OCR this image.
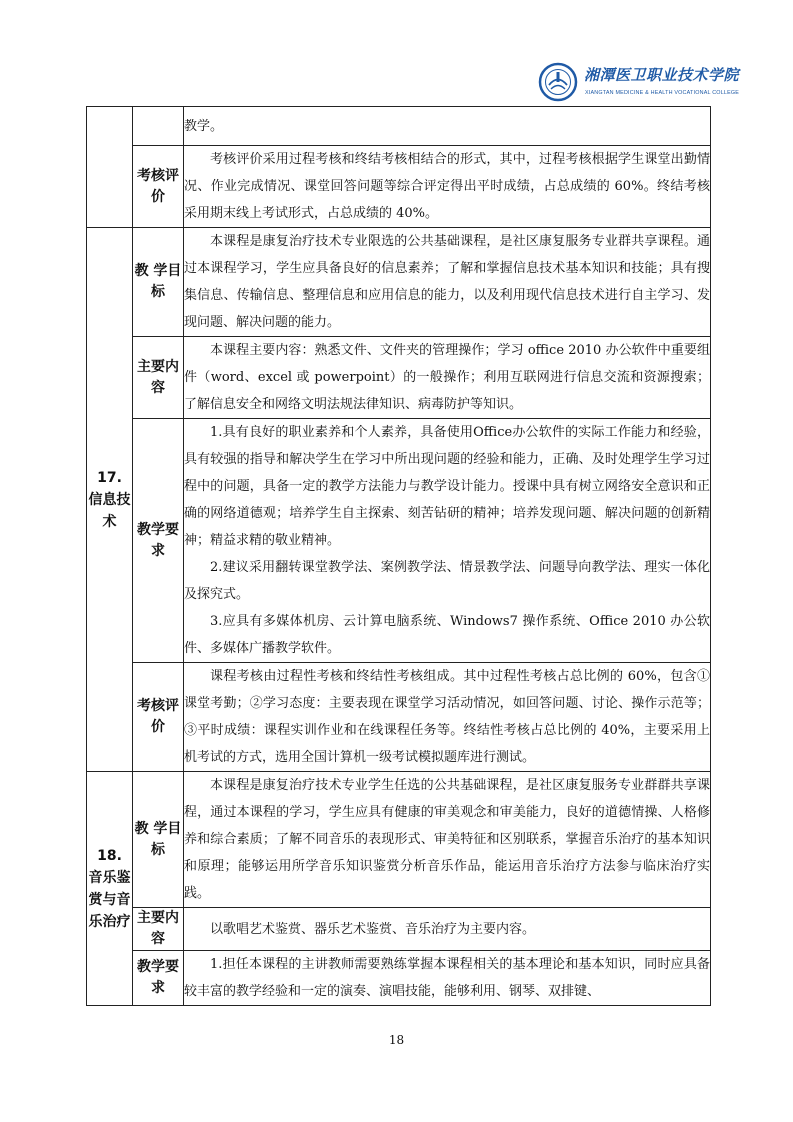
湘潭医卫职业技术学院
XIANGTAN MEDICINE & HEALTH VOCATIONAL COLLEGE

		教学。

	考核评价	考核评价采用过程考核和终结考核相结合的形式，其中，过程考核根据学生课堂出勤情况、作业完成情况、课堂回答问题等综合评定得出平时成绩，占总成绩的 60%。终结考核采用期末线上考试形式，占总成绩的 40%。

17.
信息技术	教 学目标	本课程是康复治疗技术专业限选的公共基础课程，是社区康复服务专业群共享课程。通过本课程学习，学生应具备良好的信息素养；了解和掌握信息技术基本知识和技能；具有搜集信息、传输信息、整理信息和应用信息的能力，以及利用现代信息技术进行自主学习、发现问题、解决问题的能力。

	主要内容	本课程主要内容：熟悉文件、文件夹的管理操作；学习 office 2010 办公软件中重要组件（word、excel 或 powerpoint）的一般操作；利用互联网进行信息交流和资源搜索；了解信息安全和网络文明法规法律知识、病毒防护等知识。

	教学要求	1.具有良好的职业素养和个人素养，具备使用Office办公软件的实际工作能力和经验，具有较强的指导和解决学生在学习中所出现问题的经验和能力，正确、及时处理学生学习过程中的问题，具备一定的教学方法能力与教学设计能力。授课中具有树立网络安全意识和正确的网络道德观；培养学生自主探索、刻苦钻研的精神；培养发现问题、解决问题的创新精神；精益求精的敬业精神。

2.建议采用翻转课堂教学法、案例教学法、情景教学法、问题导向教学法、理实一体化及探究式。

3.应具有多媒体机房、云计算电脑系统、Windows7 操作系统、Office 2010 办公软件、多媒体广播教学软件。

	考核评价	课程考核由过程性考核和终结性考核组成。其中过程性考核占总比例的 60%，包含①课堂考勤；②学习态度：主要表现在课堂学习活动情况，如回答问题、讨论、操作示范等；③平时成绩：课程实训作业和在线课程任务等。终结性考核占总比例的 40%，主要采用上机考试的方式，选用全国计算机一级考试模拟题库进行测试。

18.
音乐鉴赏与音乐治疗	教 学目标	本课程是康复治疗技术专业学生任选的公共基础课程，是社区康复服务专业群群共享课程，通过本课程的学习，学生应具有健康的审美观念和审美能力，良好的道德情操、人格修养和综合素质；了解不同音乐的表现形式、审美特征和区别联系，掌握音乐治疗的基本知识和原理；能够运用所学音乐知识鉴赏分析音乐作品，能运用音乐治疗方法参与临床治疗实践。

	主要内容	以歌唱艺术鉴赏、器乐艺术鉴赏、音乐治疗为主要内容。

	教学要求	1.担任本课程的主讲教师需要熟练掌握本课程相关的基本理论和基本知识，同时应具备较丰富的教学经验和一定的演奏、演唱技能，能够利用、钢琴、双排键、

18
